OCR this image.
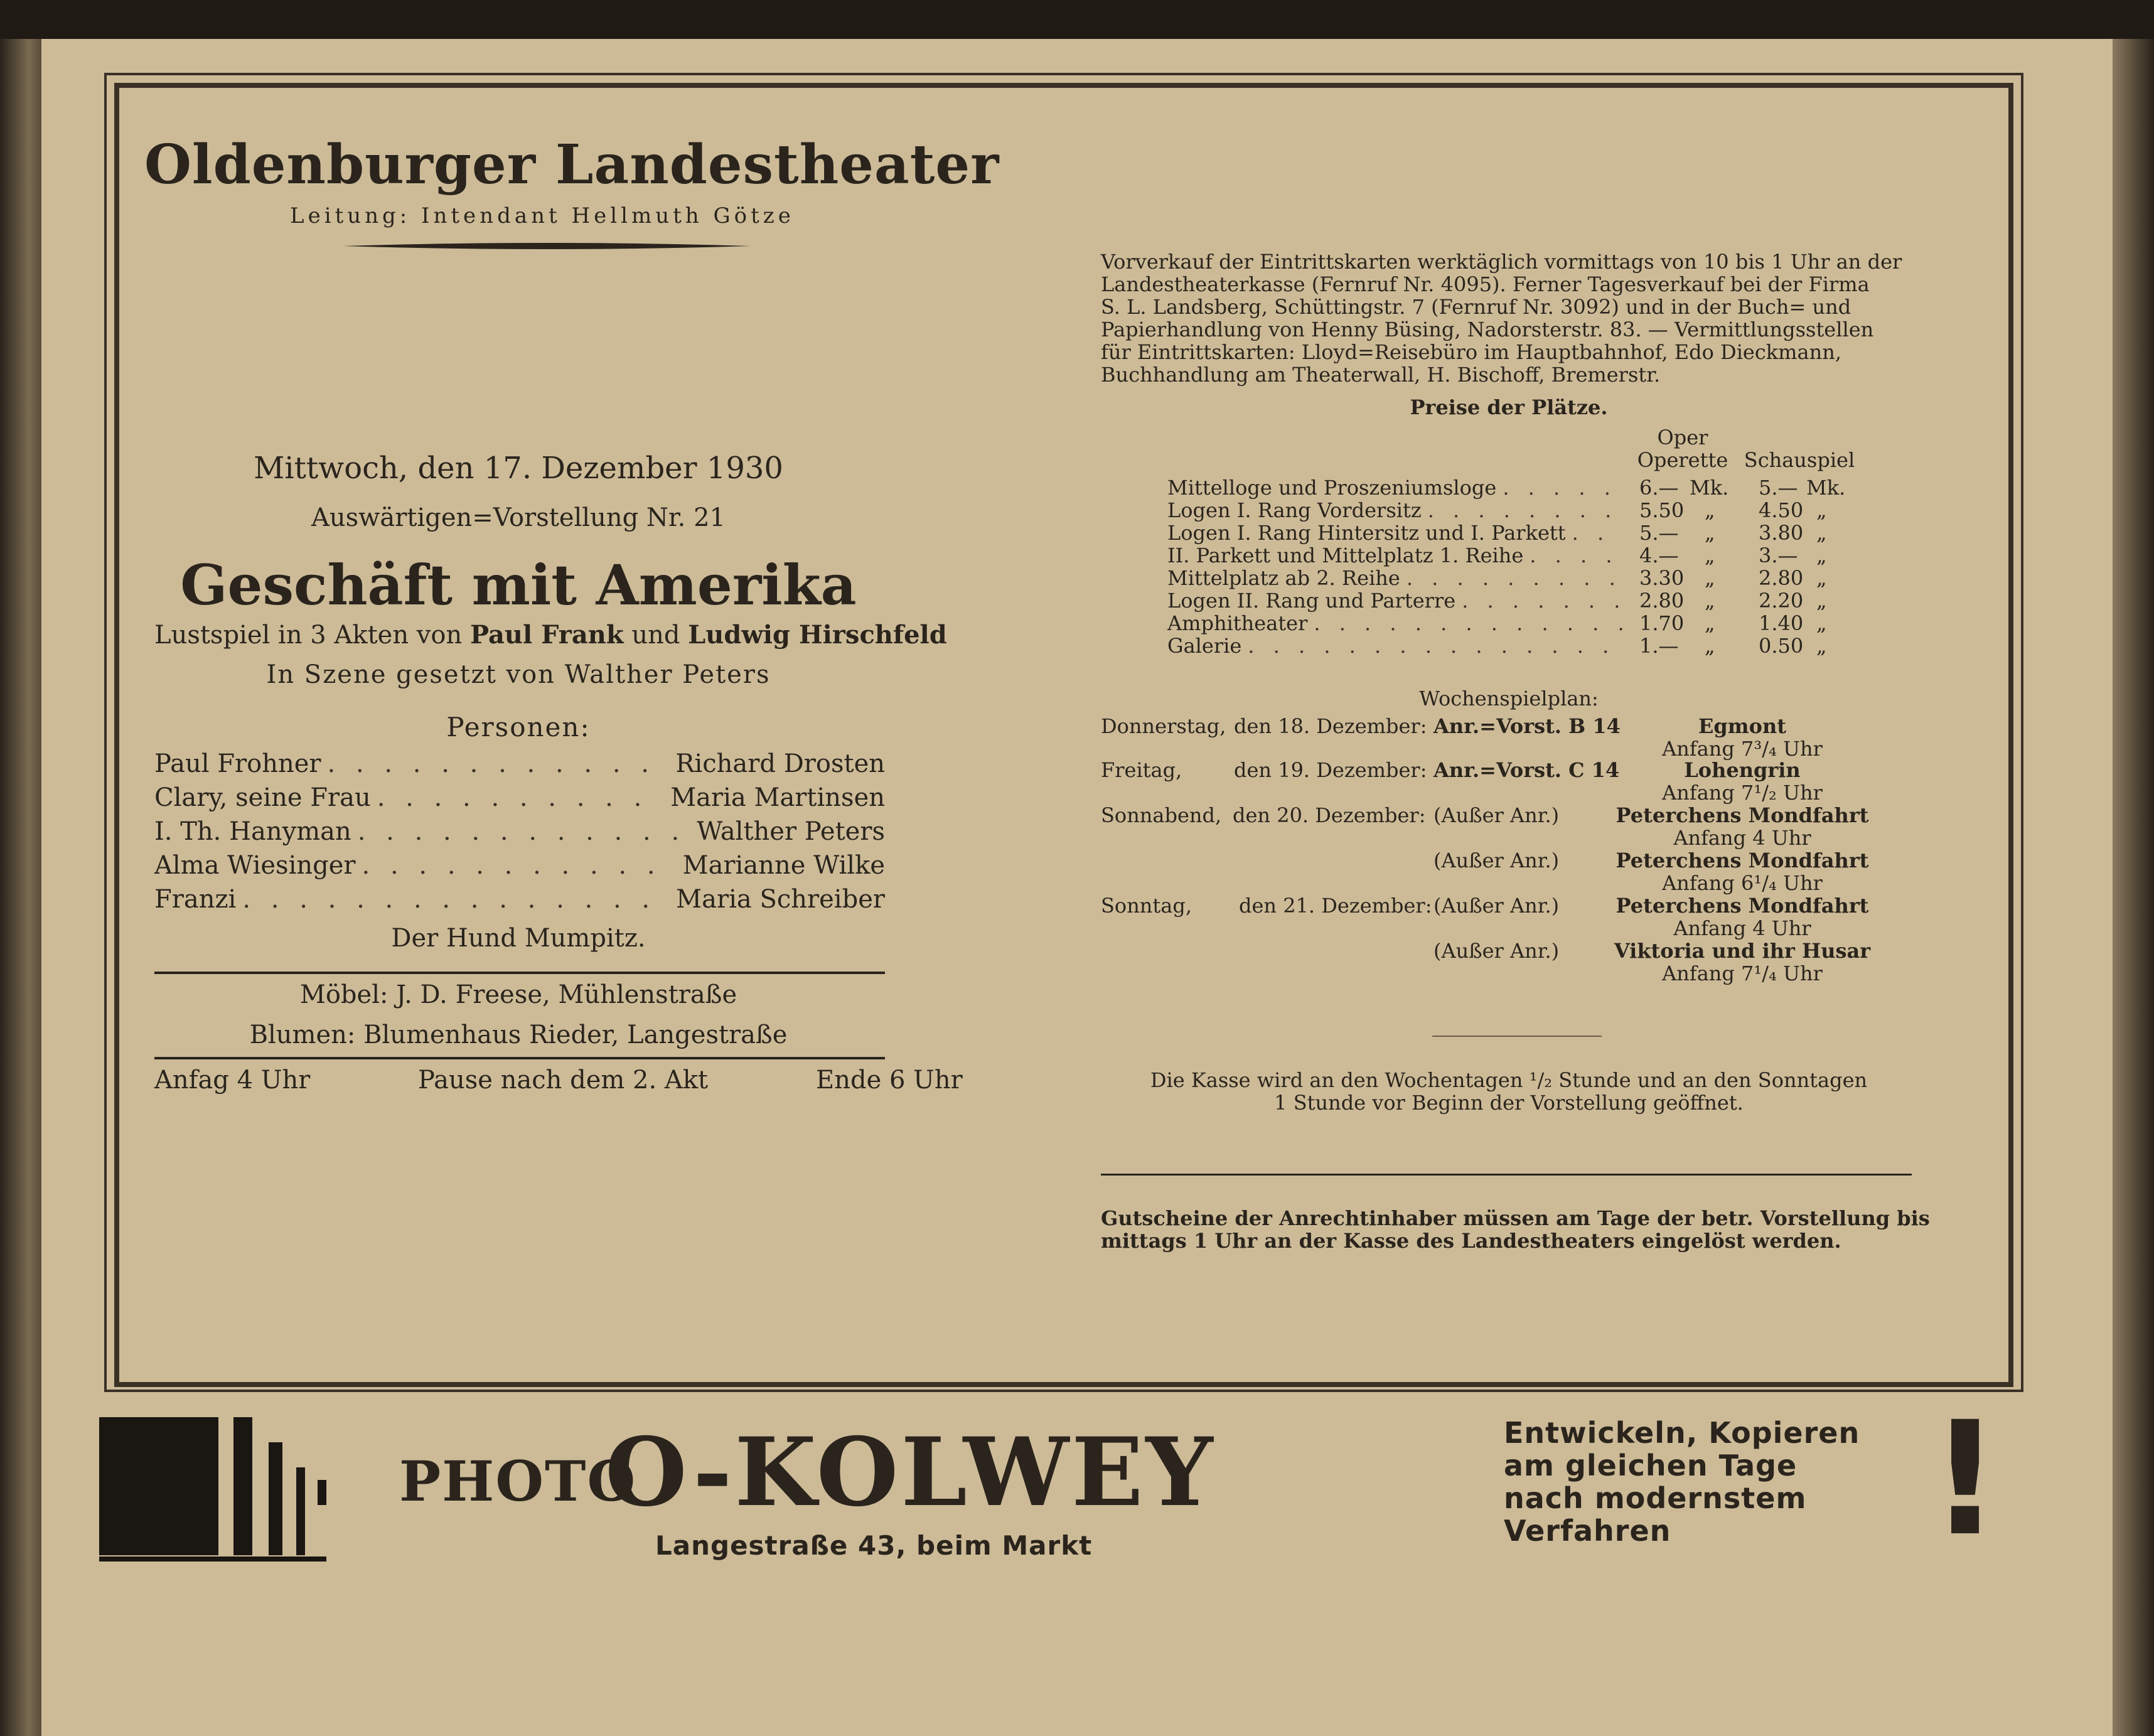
Oldenburger Landestheater
Leitung: Intendant Hellmuth Götze
Mittwoch, den 17. Dezember 1930
Auswärtigen=Vorstellung Nr. 21
Geschäft mit Amerika
Lustspiel in 3 Akten von Paul Frank und Ludwig Hirschfeld
In Szene gesetzt von Walther Peters
Personen:
Paul Frohner . . .	Richard Drosten
Clary, seine Frau . . .	Maria Martinsen
I. Th. Hanyman . . .	Walther Peters
Alma Wiesinger . . .	Marianne Wilke
Franzi . . .	Maria Schreiber
Der Hund Mumpitz.
Möbel: J. D. Freese, Mühlenstraße
Blumen: Blumenhaus Rieder, Langestraße
Anfag 4 Uhr	Pause nach dem 2. Akt	Ende 6 Uhr
Vorverkauf der Eintrittskarten werktäglich vormittags von 10 bis 1 Uhr an der
Landestheaterkasse (Fernruf Nr. 4095). Ferner Tagesverkauf bei der Firma
S. L. Landsberg, Schüttingstr. 7 (Fernruf Nr. 3092) und in der Buch= und
Papierhandlung von Henny Büsing, Nadorsterstr. 83. — Vermittlungsstellen
für Eintrittskarten: Lloyd=Reisebüro im Hauptbahnhof, Edo Dieckmann,
Buchhandlung am Theaterwall, H. Bischoff, Bremerstr.
Preise der Plätze.
Oper
Operette Schauspiel
Mittelloge und Proszeniumsloge . . .	6.— Mk. 5.— Mk.
Logen I. Rang Vordersitz . . .	5.50 „ 4.50 „
Logen I. Rang Hintersitz und I. Parkett . . .	5.— „ 3.80 „
II. Parkett und Mittelplatz 1. Reihe . . .	4.— „ 3.— „
Mittelplatz ab 2. Reihe . . .	3.30 „ 2.80 „
Logen II. Rang und Parterre . . .	2.80 „ 2.20 „
Amphitheater . . .	1.70 „ 1.40 „
Galerie . . .	1.— „ 0.50 „
Wochenspielplan:
Donnerstag, den 18. Dezember: Anr.=Vorst. B 14	Egmont
Anfang 7³/₄ Uhr
Freitag,	den 19. Dezember: Anr.=Vorst. C 14	Lohengrin
Anfang 7¹/₂ Uhr
Sonnabend, den 20. Dezember: (Außer Anr.)	Peterchens Mondfahrt
Anfang 4 Uhr
(Außer Anr.)	Peterchens Mondfahrt
Anfang 6¹/₄ Uhr
Sonntag, den 21. Dezember: (Außer Anr.)	Peterchens Mondfahrt
Anfang 4 Uhr
(Außer Anr.)	Viktoria und ihr Husar
Anfang 7¹/₄ Uhr
Die Kasse wird an den Wochentagen ¹/₂ Stunde und an den Sonntagen
1 Stunde vor Beginn der Vorstellung geöffnet.
Gutscheine der Anrechtinhaber müssen am Tage der betr. Vorstellung bis
mittags 1 Uhr an der Kasse des Landestheaters eingelöst werden.
PHOTO
O-KOLWEY
Langestraße 43, beim Markt
Entwickeln, Kopieren
am gleichen Tage
nach modernstem
Verfahren !
